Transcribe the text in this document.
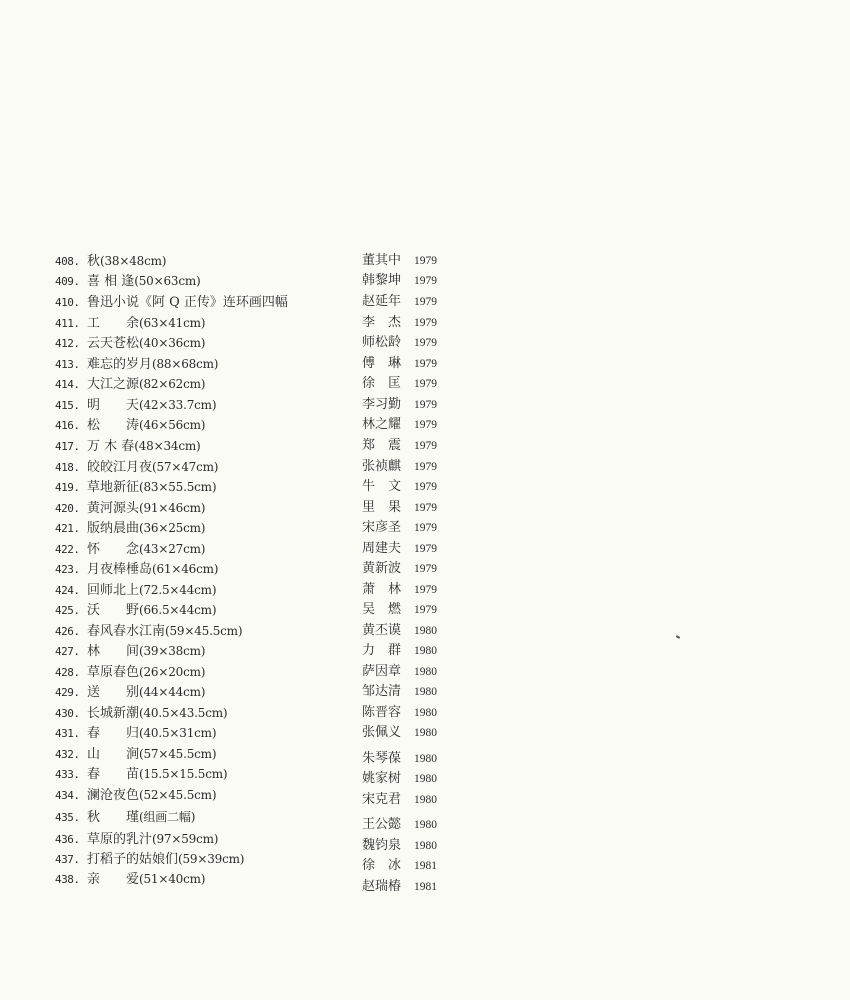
408. 秋(38×48cm)
409. 喜 相 逢(50×63cm)
410. 鲁迅小说《阿 Q 正传》连环画四幅
411. 工　　余(63×41cm)
412. 云天苍松(40×36cm)
413. 难忘的岁月(88×68cm)
414. 大江之源(82×62cm)
415. 明　　天(42×33.7cm)
416. 松　　涛(46×56cm)
417. 万 木 春(48×34cm)
418. 皎皎江月夜(57×47cm)
419. 草地新征(83×55.5cm)
420. 黄河源头(91×46cm)
421. 版纳晨曲(36×25cm)
422. 怀　　念(43×27cm)
423. 月夜棒棰岛(61×46cm)
424. 回师北上(72.5×44cm)
425. 沃　　野(66.5×44cm)
426. 春风春水江南(59×45.5cm)
427. 林　　间(39×38cm)
428. 草原春色(26×20cm)
429. 送　　别(44×44cm)
430. 长城新潮(40.5×43.5cm)
431. 春　　归(40.5×31cm)
432. 山　　涧(57×45.5cm)
433. 春　　苗(15.5×15.5cm)
434. 澜沧夜色(52×45.5cm)
435. 秋　　瑾(组画二幅)
436. 草原的乳汁(97×59cm)
437. 打稻子的姑娘们(59×39cm)
438. 亲　　爱(51×40cm)
董其中 1979
韩黎坤 1979
赵延年 1979
李　杰 1979
师松龄 1979
傅　琳 1979
徐　匡 1979
李习勤 1979
林之耀 1979
郑　震 1979
张祯麒 1979
牛　文 1979
里　果 1979
宋彦圣 1979
周建夫 1979
黄新波 1979
萧　林 1979
吴　燃 1979
黄丕谟 1980
力　群 1980
萨因章 1980
邹达清 1980
陈晋容 1980
张佩义 1980
朱琴葆 1980
姚家树 1980
宋克君 1980
王公懿 1980
魏钧泉 1980
徐　冰 1981
赵瑞椿 1981
